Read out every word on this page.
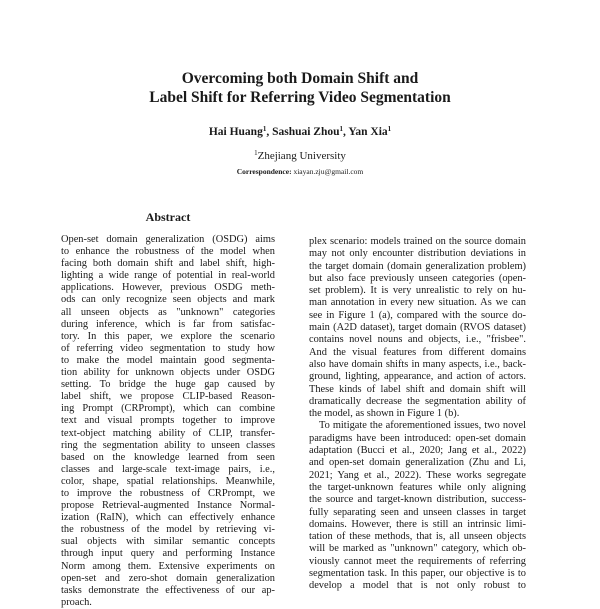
Overcoming both Domain Shift and
Label Shift for Referring Video Segmentation
Hai Huang$^1$, Sashuai Zhou$^1$, Yan Xia$^1$
$^1$Zhejiang University
Correspondence: xiayan.zju@gmail.com
Abstract
Open-set domain generalization (OSDG) aims
to enhance the robustness of the model when
facing both domain shift and label shift, high-
lighting a wide range of potential in real-world
applications. However, previous OSDG meth-
ods can only recognize seen objects and mark
all unseen objects as "unknown" categories
during inference, which is far from satisfac-
tory. In this paper, we explore the scenario
of referring video segmentation to study how
to make the model maintain good segmenta-
tion ability for unknown objects under OSDG
setting. To bridge the huge gap caused by
label shift, we propose CLIP-based Reason-
ing Prompt (CRPrompt), which can combine
text and visual prompts together to improve
text-object matching ability of CLIP, transfer-
ring the segmentation ability to unseen classes
based on the knowledge learned from seen
classes and large-scale text-image pairs, i.e.,
color, shape, spatial relationships. Meanwhile,
to improve the robustness of CRPrompt, we
propose Retrieval-augmented Instance Normal-
ization (RaIN), which can effectively enhance
the robustness of the model by retrieving vi-
sual objects with similar semantic concepts
through input query and performing Instance
Norm among them. Extensive experiments on
open-set and zero-shot domain generalization
tasks demonstrate the effectiveness of our ap-
proach.
plex scenario: models trained on the source domain
may not only encounter distribution deviations in
the target domain (domain generalization problem)
but also face previously unseen categories (open-
set problem). It is very unrealistic to rely on hu-
man annotation in every new situation. As we can
see in Figure 1 (a), compared with the source do-
main (A2D dataset), target domain (RVOS dataset)
contains novel nouns and objects, i.e., "frisbee".
And the visual features from different domains
also have domain shifts in many aspects, i.e., back-
ground, lighting, appearance, and action of actors.
These kinds of label shift and domain shift will
dramatically decrease the segmentation ability of
the model, as shown in Figure 1 (b).
To mitigate the aforementioned issues, two novel
paradigms have been introduced: open-set domain
adaptation (Bucci et al., 2020; Jang et al., 2022)
and open-set domain generalization (Zhu and Li,
2021; Yang et al., 2022). These works segregate
the target-unknown features while only aligning
the source and target-known distribution, success-
fully separating seen and unseen classes in target
domains. However, there is still an intrinsic limi-
tation of these methods, that is, all unseen objects
will be marked as "unknown" category, which ob-
viously cannot meet the requirements of referring
segmentation task. In this paper, our objective is to
develop a model that is not only robust to
